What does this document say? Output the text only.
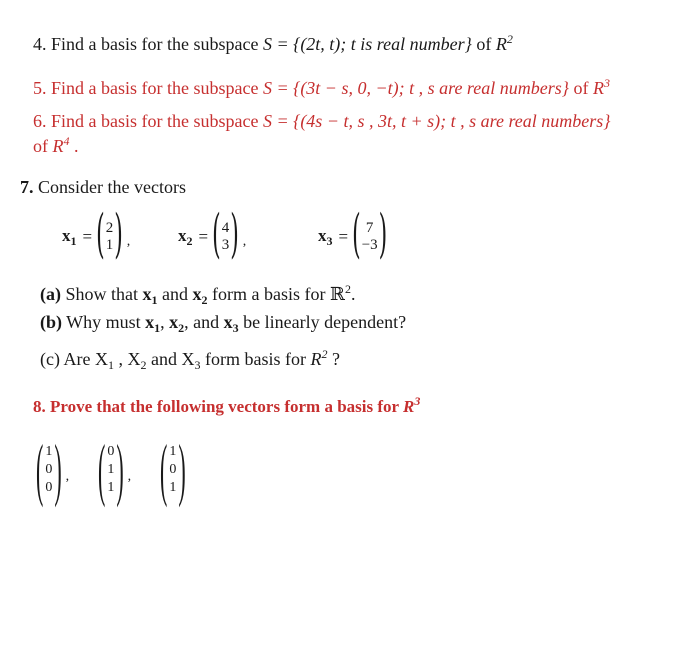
4. Find a basis for the subspace S = {(2t, t); t is real number} of $R^2$
5. Find a basis for the subspace S = {(3t − s, 0, −t); t , s are real numbers} of $R^3$
6. Find a basis for the subspace S = {(4s − t, s , 3t, t + s); t , s are real numbers}
of $R^4$ .
7. Consider the vectors
$x_1$ = ( 2
1 ) ,	$x_2$ = ( 4
3 ) ,	$x_3$ = ( 7
−3 )
(a) Show that $x_1$ and $x_2$ form a basis for ℝ$^2$.
(b) Why must $x_1$, $x_2$, and $x_3$ be linearly dependent?
(c) Are $X_1$ , $X_2$ and $X_3$ form basis for $R^2$ ?
8. Prove that the following vectors form a basis for $R^3$
( 1
0
0 ) , ( 0
1
1 ) , ( 1
0
1 )
